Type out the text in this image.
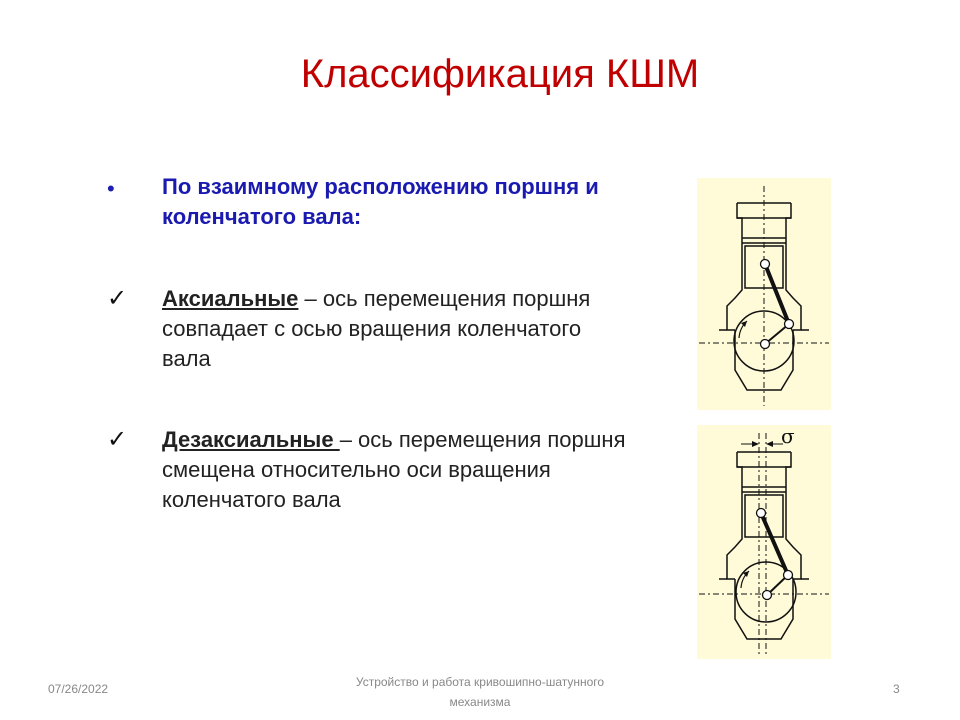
Классификация КШМ
• По взаимному расположению поршня и коленчатого вала:
✓ Аксиальные – ось перемещения поршня совпадает с осью вращения коленчатого вала
✓ Дезаксиальные – ось перемещения поршня смещена относительно оси вращения коленчатого вала
σ
07/26/2022	Устройство и работа кривошипно-шатунного механизма
3
